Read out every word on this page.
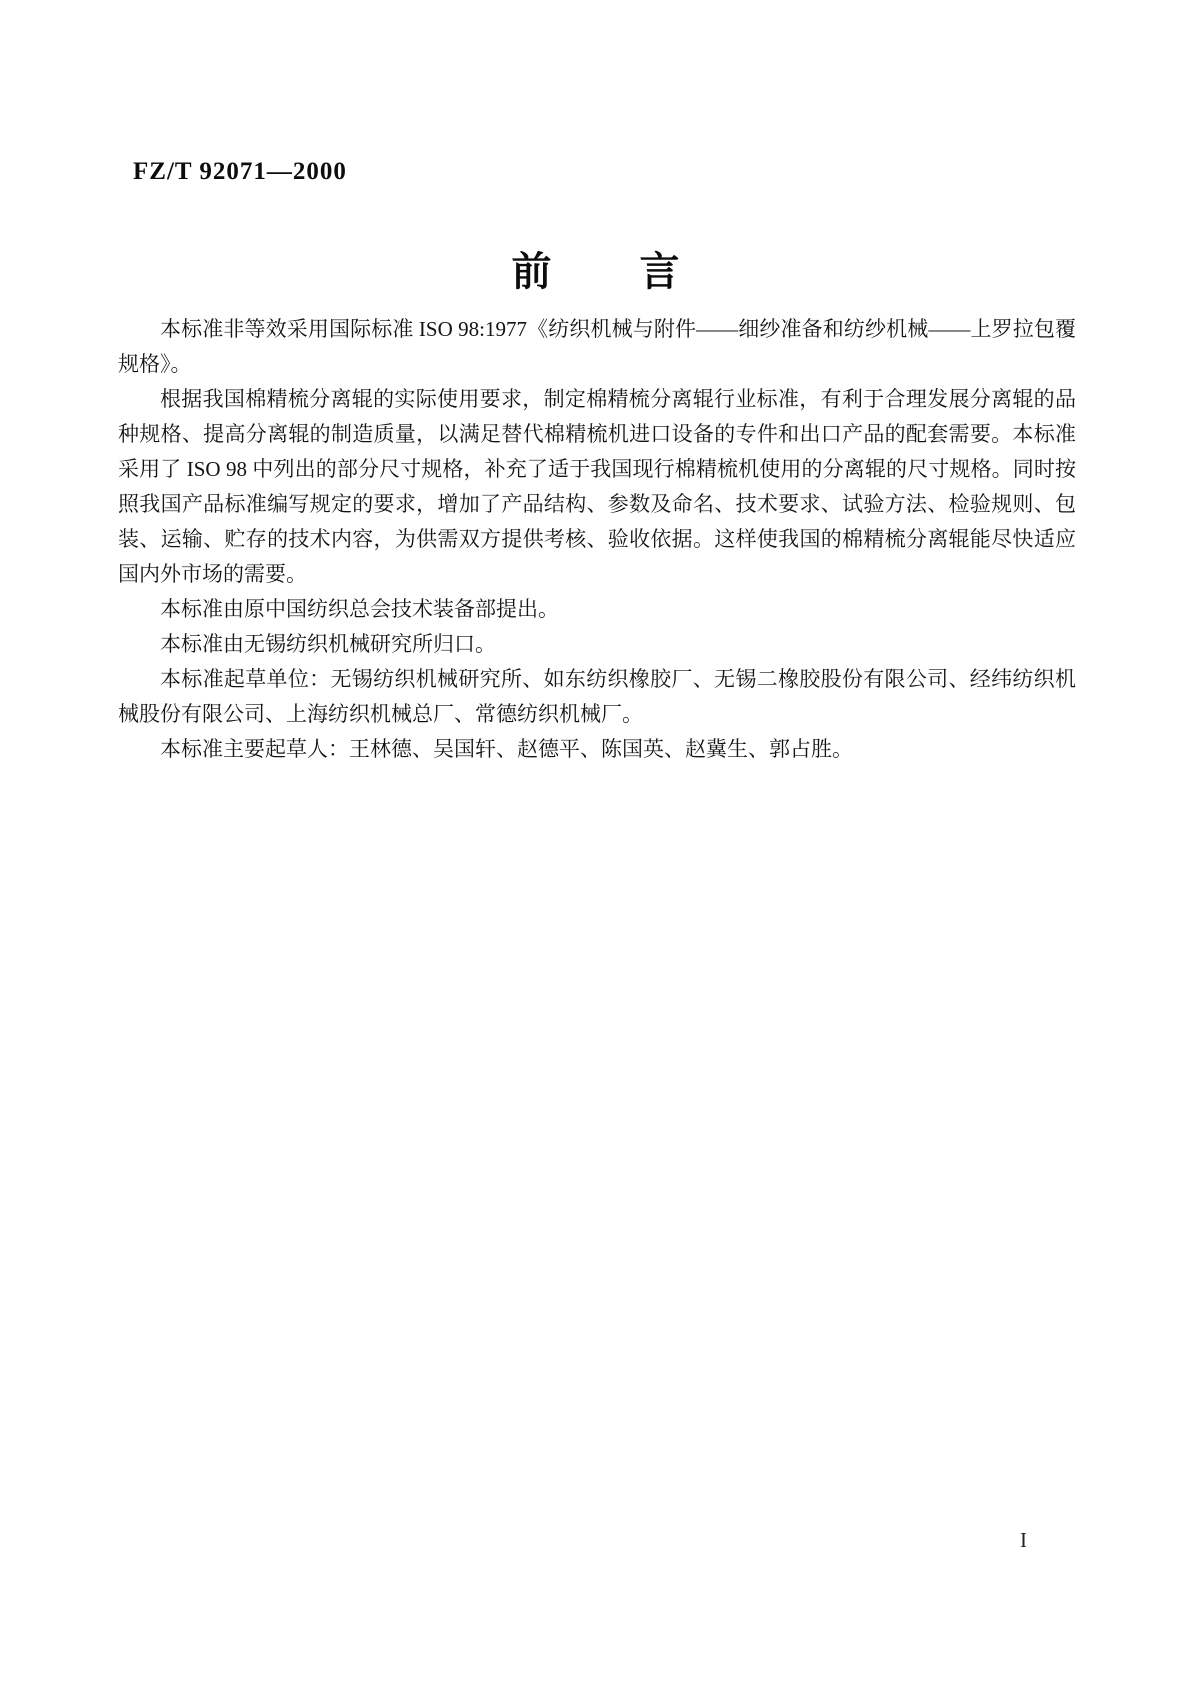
FZ/T 92071—2000
前言

本标准非等效采用国际标准 ISO 98:1977《纺织机械与附件——细纱准备和纺纱机械——上罗拉包覆规格》。

根据我国棉精梳分离辊的实际使用要求，制定棉精梳分离辊行业标准，有利于合理发展分离辊的品种规格、提高分离辊的制造质量，以满足替代棉精梳机进口设备的专件和出口产品的配套需要。本标准采用了 ISO 98 中列出的部分尺寸规格，补充了适于我国现行棉精梳机使用的分离辊的尺寸规格。同时按照我国产品标准编写规定的要求，增加了产品结构、参数及命名、技术要求、试验方法、检验规则、包装、运输、贮存的技术内容，为供需双方提供考核、验收依据。这样使我国的棉精梳分离辊能尽快适应国内外市场的需要。

本标准由原中国纺织总会技术装备部提出。

本标准由无锡纺织机械研究所归口。

本标准起草单位：无锡纺织机械研究所、如东纺织橡胶厂、无锡二橡胶股份有限公司、经纬纺织机械股份有限公司、上海纺织机械总厂、常德纺织机械厂。

本标准主要起草人：王林德、吴国轩、赵德平、陈国英、赵冀生、郭占胜。

I
